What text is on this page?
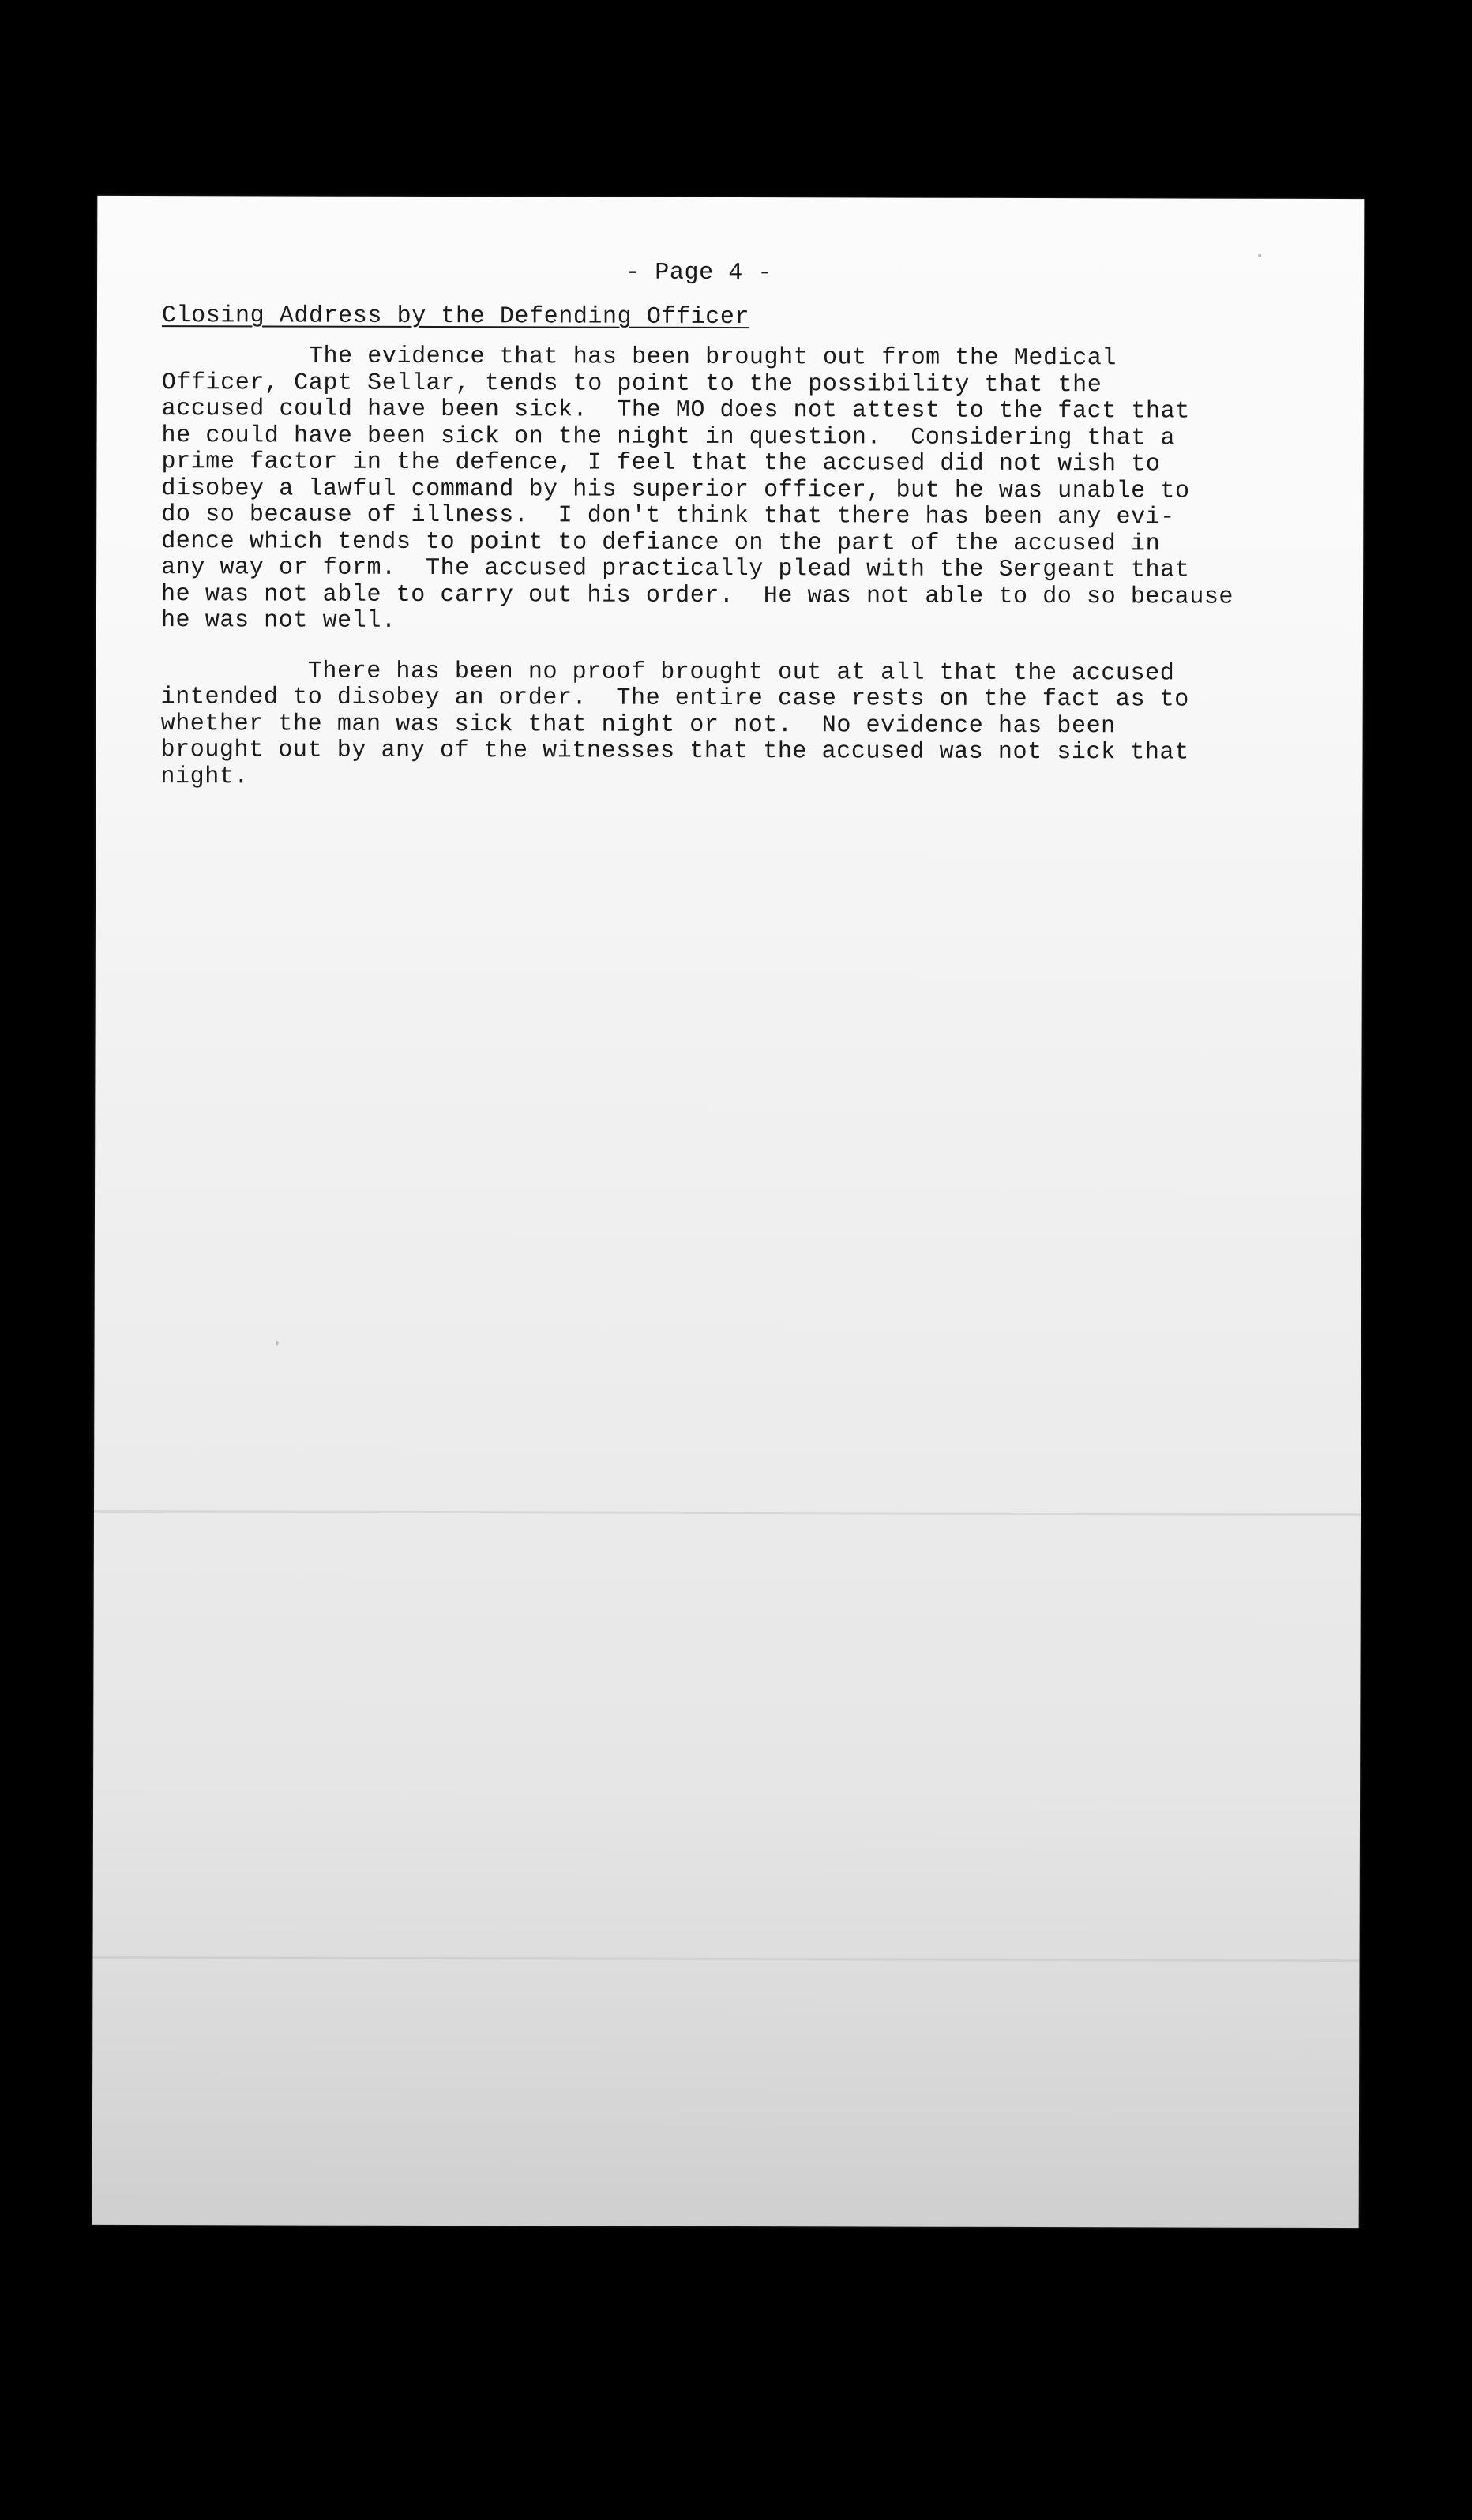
- Page 4 -
Closing Address by the Defending Officer
The evidence that has been brought out from the Medical
Officer, Capt Sellar, tends to point to the possibility that the
accused could have been sick.  The MO does not attest to the fact that
he could have been sick on the night in question.  Considering that a
prime factor in the defence, I feel that the accused did not wish to
disobey a lawful command by his superior officer, but he was unable to
do so because of illness.  I don't think that there has been any evi-
dence which tends to point to defiance on the part of the accused in
any way or form.  The accused practically plead with the Sergeant that
he was not able to carry out his order.  He was not able to do so because
he was not well.
There has been no proof brought out at all that the accused
intended to disobey an order.  The entire case rests on the fact as to
whether the man was sick that night or not.  No evidence has been
brought out by any of the witnesses that the accused was not sick that
night.
